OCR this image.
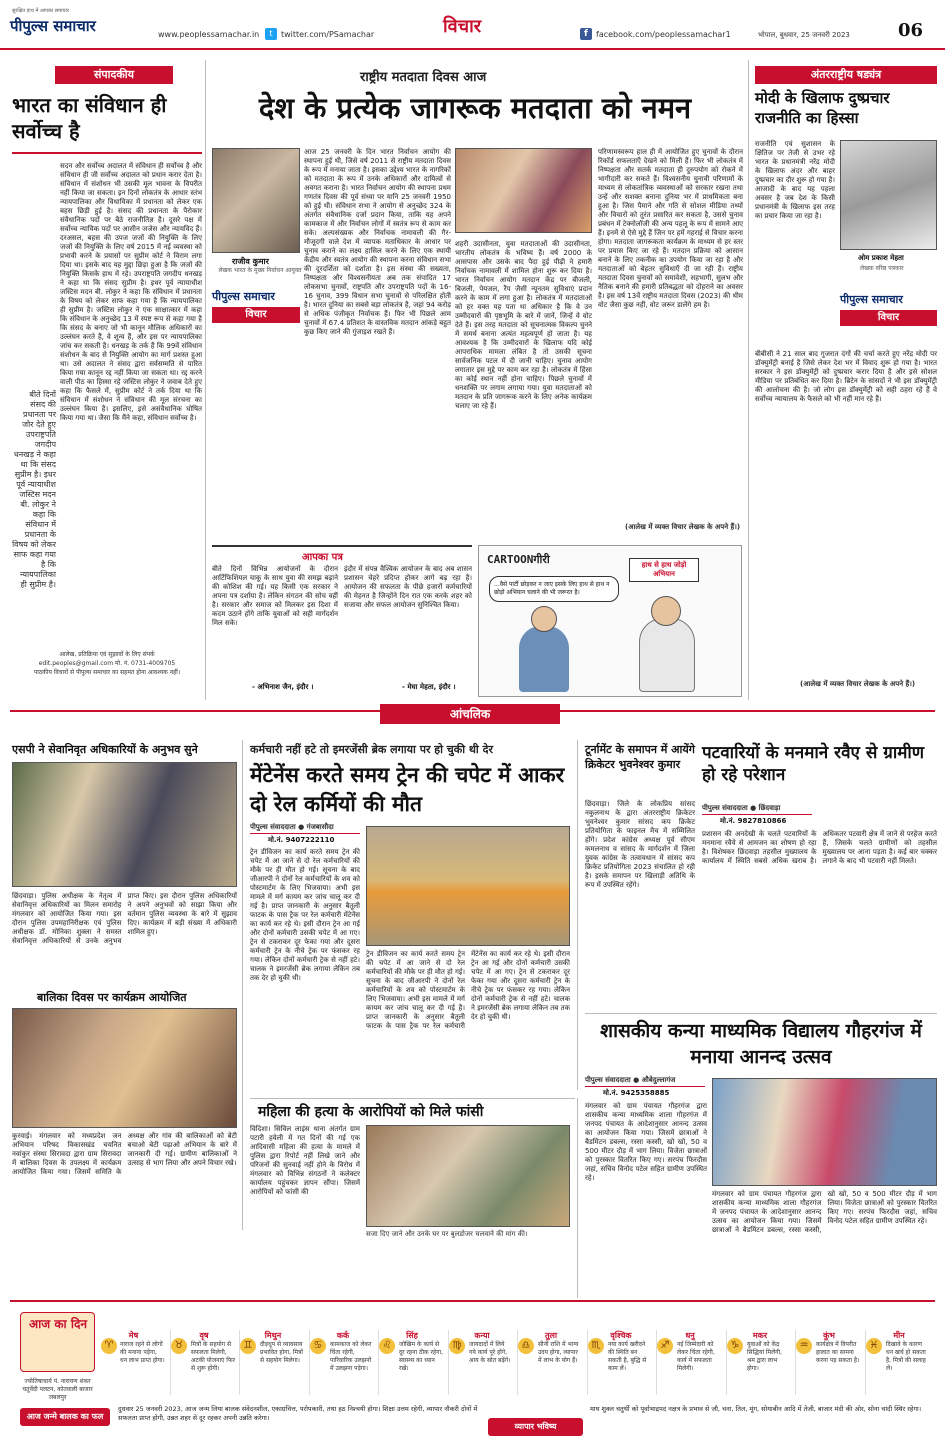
पीपुल्स समाचार
सुरक्षित हाथ में आपका समाचार
www.peoplessamachar.in	t	twitter.com/PSamachar	विचार	f	facebook.com/peoplessamachar1	भोपाल, बुधवार, 25 जनवरी 2023	06
संपादकीय
भारत का संविधान ही सर्वोच्च है
सदन और सर्वोच्च अदालत में संविधान ही सर्वोच्च है और संविधान ही जी सर्वोच्च अदालत को प्रधान करार देता है। संविधान में संशोधन भी उसकी मूल भावना के विपरीत नहीं किया जा सकता। इन दिनों लोकतंत्र के आधार स्तंभ न्यायपालिका और विधायिका में प्रधानता को लेकर एक बहस छिड़ी हुई है। संसद की प्रधानता के पैरोकार संवैधानिक पदों पर बैठे राजनीतिज्ञ है। दूसरे पक्ष में सर्वोच्च न्यायिक पदों पर आसीन जजेस और न्यायविद हैं। दरअसल, बहस की उपज जजों की नियुक्ति के लिए जजों की नियुक्ति के लिए वर्ष 2015 में नई व्यवस्था को प्रभावी करने के प्रयासों पर सुप्रीम कोर्ट ने विराम लगा दिया था। इसके बाद यह मुद्दा छिड़ा हुआ है कि जजों की नियुक्ति किसके हाथ में रहे। उपराष्ट्रपति जगदीप धनखड़ ने कहा था कि संसद सुप्रीम है। इधर पूर्व न्यायाधीश जस्टिस मदन बी. लोकुर ने कहा कि संविधान में प्रधानता के विषय को लेकर साफ कहा गया है कि न्यायपालिका ही सुप्रीम है। जस्टिस लोकुर ने एक साक्षात्कार में कहा कि संविधान के अनुच्छेद 13 में स्पष्ट रूप से कहा गया है कि संसद के बनाए जो भी कानून मौलिक अधिकारों का उल्लंघन करते हैं, वे शून्य हैं, और इस पर न्यायपालिका जांच कर सकती है। धनखड़ के तर्क हैं कि 99वें संविधान संशोधन के बाद से नियुक्ति आयोग का मार्ग प्रशस्त हुआ था। उसे अदालत ने संसद द्वारा सर्वसम्मति से पारित किया गया कानून रद्द नहीं किया जा सकता था। रद्द करने वाली पीठ का हिस्सा रहे जस्टिस लोकुर ने जवाब देते हुए कहा कि फैसले में, सुप्रीम कोर्ट ने तर्क दिया था कि संविधान में संशोधन ने संविधान की मूल संरचना का उल्लंघन किया है। इसलिए, इसे असंवैधानिक घोषित किया गया था। जैसा कि मैंने कहा, संविधान सर्वोच्च है।
बीते दिनों संसद की प्रधानता पर जोर देते हुए उपराष्ट्रपति जगदीप धनखड़ ने कहा था कि संसद सुप्रीम है। इधर पूर्व न्यायाधीश जस्टिस मदन बी. लोकुर ने कहा कि संविधान में प्रधानता के विषय को लेकर साफ कहा गया है कि न्यायपालिका ही सुप्रीम है।
आलेख, प्रतिक्रिया एवं सुझावों के लिए संपर्क
edit.peoples@gmail.com मो. नं. 0731-4009705
पाठकीय विचारों से पीपुल्स समाचार का सहमत होना आवश्यक नहीं।
राष्ट्रीय मतदाता दिवस आज
देश के प्रत्येक जागरूक मतदाता को नमन
राजीव कुमार
लेखक भारत के मुख्य निर्वाचन आयुक्त
पीपुल्स समाचार
विचार
आज 25 जनवरी के दिन भारत निर्वाचन आयोग की स्थापना हुई थी, जिसे वर्ष 2011 से राष्ट्रीय मतदाता दिवस के रूप में मनाया जाता है। इसका उद्देश्य भारत के नागरिकों को मतदाता के रूप में उनके अधिकारों और दायित्वों से अवगत कराना है। भारत निर्वाचन आयोग की स्थापना प्रथम गणतंत्र दिवस की पूर्व संध्या पर यानि 25 जनवरी 1950 को हुई थी। संविधान सभा ने आयोग से अनुच्छेद 324 के अंतर्गत संवैधानिक दर्जा प्रदान किया, ताकि यह अपने कामकाज में और निर्वाचन लोगों में स्वतंत्र रूप से काम कर सके। अल्पसंख्यक और निर्वाचक नामावली की गैर-मौजूदगी वाले देश में व्यापक मताधिकार के आधार पर चुनाव कराने का लक्ष्य हासिल करने के लिए एक स्थायी केंद्रीय और स्वतंत्र आयोग की स्थापना करना संविधान सभा की दूरदर्शिता को दर्शाता है। इस संस्था की सख्यता, निष्पक्षता और विश्वसनीयता अब तक संपादित 17 लोकसभा चुनावों, राष्ट्रपति और उपराष्ट्रपति पदों के 16-16 चुनाव, 399 विधान सभा चुनावों से परिलक्षित होती है। भारत दुनिया का सबसे बड़ा लोकतंत्र है, जहां 94 करोड़ से अधिक पंजीकृत निर्वाचक हैं। फिर भी पिछले आम चुनावों में 67.4 प्रतिशत के वास्तविक मतदान आंकड़े बहुत कुछ किए जाने की गुंजाइश रखते हैं।
शहरी उदासीनता, युवा मतदाताओं की उदासीनता, भारतीय लोकतंत्र के भविष्य हैं। वर्ष 2000 के आसपास और उसके बाद पैदा हुई पीढ़ी ने हमारी निर्वाचक नामावली में शामिल होना शुरू कर दिया है। भारत निर्वाचन आयोग मतदान केंद्र पर बीजली, बिजली, पेयजल, रैंप जैसी न्यूनतम सुविधाएं प्रदान करने के काम में लगा हुआ है। लोकतंत्र में मतदाताओं को हर वक्त यह पता था अधिकार है कि वे उन उम्मीदवारों की पृष्ठभूमि के बारे में जानें, जिन्हें वे वोट देते हैं। इस तरह मतदाता को सूचनात्मक विकल्प चुनने में समर्थ बनाना अत्यंत महत्वपूर्ण हो जाता है। यह आवश्यक है कि उम्मीदवारों के खिलाफ यदि कोई आपराधिक मामला लंबित है तो उसकी सूचना सार्वजनिक पटल में दी जानी चाहिए। चुनाव आयोग लगातार इस मुद्दे पर काम कर रहा है। लोकतंत्र में हिंसा का कोई स्थान नहीं होना चाहिए। पिछले चुनावों में धनशक्ति पर लगाम लगाया गया। युवा मतदाताओं को मतदान के प्रति जागरूक करने के लिए अनेक कार्यक्रम चलाए जा रहे हैं।
परिणामस्वरूप हाल ही में आयोजित हुए चुनावों के दौरान रिकॉर्ड सफलताएँ देखने को मिली हैं। फिर भी लोकतंत्र में निष्पक्षता और सतर्क मतदाता ही दुरुपयोग को रोकने में भागीदारी कर सकते हैं। विश्वसनीय चुनावी परिणामों के माध्यम से लोकतांत्रिक व्यवस्थाओं को सरकार रखना तथा उन्हें और सशक्त बनाना दुनिया भर में प्राथमिकता बना हुआ है। जिस पैमाने और गति से सोशल मीडिया तथ्यों और विचारों को तुरंत प्रसारित कर सकता है, उससे चुनाव प्रबंधन में टेक्नोलॉजी की अन्य पहलू के रूप में सामने आए हैं। इनमें से ऐसे मुद्दे हैं जिन पर हमें गहराई से विचार करना होगा। मतदाता जागरूकता कार्यक्रम के माध्यम से हर स्तर पर प्रयास किए जा रहे हैं। मतदान प्रक्रिया को आसान बनाने के लिए तकनीक का उपयोग किया जा रहा है और मतदाताओं को बेहतर सुविधाएँ दी जा रही हैं। राष्ट्रीय मतदाता दिवस चुनावों को समावेशी, सहभागी, सुलभ और नैतिक बनाने की हमारी प्रतिबद्धता को दोहराने का अवसर है। इस वर्ष 13वें राष्ट्रीय मतदाता दिवस (2023) की थीम वोट जैसा कुछ नहीं, वोट जरूर डालेंगे हम है।
(आलेख में व्यक्त विचार लेखक के अपने हैं।)
आपका पत्र
बीते दिनों विभिन्न आयोजनों के दौरान आर्टिफिशियल चाकू के साथ युवा की समझ बढ़ाने की कोशिश की गई। यह किसी एक सरकार ने अपना पत्र दर्शाया है। लेकिन संगठन की सोच वहीं है। सरकार और समाज को मिलकर इस दिशा में कदम उठाने होंगे ताकि युवाओं को सही मार्गदर्शन मिल सके।
- अभिनाश जैन, इंदौर ।
इंदौर में संपन्न वैश्विक आयोजन के बाद अब शासन प्रशासन चेहरे प्रदिप्त होकर आगे बढ़ रहा है। आयोजन की सफलता के पीछे हजारों कर्मचारियों की मेहनत है जिन्होंने दिन रात एक करके शहर को सजाया और सफल आयोजन सुनिश्चित किया।
- मेघा मेहता, इंदौर ।
CARTOONगीरी	हाथ से हाथ जोड़ो अभियान
...वैसे पार्टी छोड़कर न जाए इसके लिए हाथ से हाथ न छोड़ो अभियान चलाने की भी जरूरत है।
अंतरराष्ट्रीय षड्यंत्र
मोदी के खिलाफ दुष्प्रचार राजनीति का हिस्सा
राजनीति एवं सुशासन के क्षितिज पर तेजी से उभर रहे भारत के प्रधानमंत्री नरेंद्र मोदी के खिलाफ अंदर और बाहर दुष्प्रचार का दौर शुरू हो गया है। आजादी के बाद यह पहला अवसर है जब देश के किसी प्रधानमंत्री के खिलाफ इस तरह का प्रचार किया जा रहा है।
ओम प्रकाश मेहता
लेखक वरिष्ठ पत्रकार
पीपुल्स समाचार
विचार
बीबीसी ने 21 साल बाद गुजरात दंगों की चर्चा करते हुए नरेंद्र मोदी पर डॉक्युमेंट्री बनाई है जिसे लेकर देश भर में विवाद शुरू हो गया है। भारत सरकार ने इस डॉक्युमेंट्री को दुष्प्रचार करार दिया है और इसे सोशल मीडिया पर प्रतिबंधित कर दिया है। ब्रिटेन के सांसदों ने भी इस डॉक्युमेंट्री की आलोचना की है। जो लोग इस डॉक्युमेंट्री को सही ठहरा रहे हैं वे सर्वोच्च न्यायालय के फैसले को भी नहीं मान रहे हैं।
(आलेख में व्यक्त विचार लेखक के अपने हैं।)
आंचलिक
एसपी ने सेवानिवृत अधिकारियों के अनुभव सुने
छिंदवाड़ा। पुलिस अधीक्षक के नेतृत्व में सेवानिवृत्त अधिकारियों का मिलन समारोह मंगलवार को आयोजित किया गया। इस दौरान पुलिस उपमहानिरीक्षक एवं पुलिस अधीक्षक डॉ. मोनिका शुक्ला ने समस्त सेवानिवृत्त अधिकारियों से उनके अनुभव प्राप्त किए। इस दौरान पुलिस अधिकारियों ने अपने अनुभवों को साझा किया और वर्तमान पुलिस व्यवस्था के बारे में सुझाव दिए। कार्यक्रम में बड़ी संख्या में अधिकारी शामिल हुए।
बालिका दिवस पर कार्यक्रम आयोजित
कुरवाई। मंगलवार को मध्यप्रदेश जन अभियान परिषद विकासखंड चयनित नवांकुर संस्था सिरावदा द्वारा ग्राम सिरावदा में बालिका दिवस के उपलक्ष्य में कार्यक्रम आयोजित किया गया। जिसमें समिति के अध्यक्ष और गांव की बालिकाओं को बेटी बचाओ बेटी पढ़ाओ अभियान के बारे में जानकारी दी गई। ग्रामीण बालिकाओं ने उत्साह से भाग लिया और अपने विचार रखे।
कर्मचारी नहीं हटे तो इमरजेंसी ब्रेक लगाया पर हो चुकी थी देर
मेंटेनेंस करते समय ट्रेन की चपेट में आकर दो रेल कर्मियों की मौत
पीपुल्स संवाददाता ● गंजबासौदा
मो.नं. 9407222110
ट्रेन डीविजन का कार्य करते समय ट्रेन की चपेट में आ जाने से दो रेल कर्मचारियों की मौके पर ही मौत हो गई। सूचना के बाद जीआरपी ने दोनों रेल कर्मचारियों के शव को पोस्टमार्टम के लिए भिजवाया। अभी इस मामले में मर्ग कायम कर जांच चालू कर दी गई है। प्राप्त जानकारी के अनुसार बैतूली फाटक के पास ट्रैक पर रेल कर्मचारी मेंटेनेंस का कार्य कर रहे थे। इसी दौरान ट्रेन आ गई और दोनों कर्मचारी उसकी चपेट में आ गए। ट्रेन से टकराकर दूर फेका गया और दूसरा कर्मचारी ट्रेन के नीचे ट्रेक पर फंसकर रह गया। लेकिन दोनों कर्मचारी ट्रेक से नहीं हटे। चालक ने इमरजेंसी ब्रेक लगाया लेकिन तब तक देर हो चुकी थी।
ट्रेन डीविजन का कार्य करते समय ट्रेन की चपेट में आ जाने से दो रेल कर्मचारियों की मौके पर ही मौत हो गई। सूचना के बाद जीआरपी ने दोनों रेल कर्मचारियों के शव को पोस्टमार्टम के लिए भिजवाया। अभी इस मामले में मर्ग कायम कर जांच चालू कर दी गई है। प्राप्त जानकारी के अनुसार बैतूली फाटक के पास ट्रैक पर रेल कर्मचारी मेंटेनेंस का कार्य कर रहे थे। इसी दौरान ट्रेन आ गई और दोनों कर्मचारी उसकी चपेट में आ गए। ट्रेन से टकराकर दूर फेका गया और दूसरा कर्मचारी ट्रेन के नीचे ट्रेक पर फंसकर रह गया। लेकिन दोनों कर्मचारी ट्रेक से नहीं हटे। चालक ने इमरजेंसी ब्रेक लगाया लेकिन तब तक देर हो चुकी थी।
टूर्नामेंट के समापन में आयेंगे क्रिकेटर भुवनेश्वर कुमार
छिंदवाड़ा। जिले के लोकप्रिय सांसद नकुलनाथ के द्वारा अंतरराष्ट्रीय क्रिकेटर भुवनेश्वर कुमार सांसद कप क्रिकेट प्रतियोगिता के फाइनल मैच में सम्मिलित होंगे। प्रदेश कांग्रेस अध्यक्ष पूर्व सीएम कमलनाथ व सांसद के मार्गदर्शन में जिला युवक कांग्रेस के तत्वावधान में सांसद कप क्रिकेट प्रतियोगिता 2023 संचालित हो रही है। इसके समापन पर खिलाड़ी अतिथि के रूप में उपस्थित रहेंगे।
पटवारियों के मनमाने रवैए से ग्रामीण हो रहे परेशान
पीपुल्स संवाददाता ● छिंदवाड़ा
मो.नं. 9827810866
प्रशासन की अनदेखी के चलते पटवारियों के मनमाना रवैये से आमजन का शोषण हो रहा है। विशेषकर छिंदवाड़ा तहसील मुख्यालय के कार्यालय में स्थिति सबसे अधिक खराब है। अधिकतर पटवारी क्षेत्र में जाने से परहेज करते हैं, जिसके चलते ग्रामीणों को तहसील मुख्यालय पर आना पड़ता है। कई बार चक्कर लगाने के बाद भी पटवारी नहीं मिलते।
महिला की हत्या के आरोपियों को मिले फांसी
विदिशा। सिविल लाइंस थाना अंतर्गत ग्राम पटारी हवेली में गत दिनों की गई एक आदिवासी महिला की हत्या के मामले में पुलिस द्वारा रिपोर्ट नहीं लिखे जाने और परिजनों की सुनवाई नहीं होने के विरोध में मंगलवार को विभिन्न संगठनों ने कलेक्टर कार्यालय पहुंचकर ज्ञापन सौंपा। जिसमें आरोपियों को फांसी की
सजा दिए जाने और उनके घर पर बुलडोजर चलवाने की मांग की।
शासकीय कन्या माध्यमिक विद्यालय गौहरगंज में मनाया आनन्द उत्सव
पीपुल्स संवाददाता ● औबेदुल्लागंज
मो.नं. 9425358885
मंगलवार को ग्राम पंचायत गौहरगंज द्वारा शासकीय कन्या माध्यमिक शाला गौहरगंज में जनपद पंचायत के आदेशानुसार आनन्द उत्सव का आयोजन किया गया। जिसमें छात्राओं ने बैडमिंटन डबल्स, रस्सा कस्सी, खो खो, 50 व 500 मीटर दौड़ में भाग लिया। विजेता छात्राओं को पुरस्कार वितरित किए गए। सरपंच फिरदौस जहां, सचिव विनोद पटेल सहित ग्रामीण उपस्थित रहे।
मंगलवार को ग्राम पंचायत गौहरगंज द्वारा शासकीय कन्या माध्यमिक शाला गौहरगंज में जनपद पंचायत के आदेशानुसार आनन्द उत्सव का आयोजन किया गया। जिसमें छात्राओं ने बैडमिंटन डबल्स, रस्सा कस्सी, खो खो, 50 व 500 मीटर दौड़ में भाग लिया। विजेता छात्राओं को पुरस्कार वितरित किए गए। सरपंच फिरदौस जहां, सचिव विनोद पटेल सहित ग्रामीण उपस्थित रहे।
आज का दिन
ज्योतिषाचार्य पं. नारायण शंकर चतुर्वेदी पलटन, कोतवाली बाजार जबलपुर
मेष
नाराज रहने से लोगों की मनाना पड़ेगा, धन लाभ प्राप्त होगा।
♈
वृष
मित्रों के सहयोग से सफलता मिलेगी, अटकी योजनाएं फिर से शुरू होंगी।
♉
मिथुन
दौड़धूप से व्यावसाय प्रभावित होगा, मित्रों से सहयोग मिलेगा।
♊
कर्क
कामकाज को लेकर चिंता रहेगी, पारिवारिक उलझनों में उलझना पड़ेगा।
♋
सिंह
जोखिम के कार्य से दूर रहना ठीक रहेगा, स्वास्थ्य का ध्यान रखें।
♌
कन्या
जायदादों में लिये गये कार्य पूरे होंगे, आय के स्रोत बढ़ेंगे।
♍
तुला
सीनी राशि में भाग्य उदय होगा, व्यापार में लाभ के योग हैं।
♎
वृश्चिक
नया कार्य खरीदने की स्थिति बन सकती है, बुद्धि से काम लें।
♏
धनु
नई जिम्मेदारी को लेकर चिंता रहेगी, कार्य में सफलता मिलेगी।
♐
मकर
युवाओं को केंद्र सिद्धियां मिलेंगी, श्रम द्वारा लाभ होगा।
♑
कुंभ
कार्यक्षेत्र में विपरीत हालात का सामना करना पड़ सकता है।
♒
मीन
दिखावे के कारण धन खर्च हो सकता है, मित्रों की सलाह लें।
♓
आज जन्मे बालक का फल
दुधवार 25 जनवरी 2023, आज जन्म लिया बालक संवेदनशील, एकाग्रचित्त, परोपकारी, तथा हठ निश्चयी होगा। शिक्षा उत्तम रहेगी, व्यापार नौकरी दोनों में सफलता प्राप्त होगी, उन्नत शहर से दूर रहकर अपनी उन्नति करेगा।
व्यापार भविष्य
माघ शुक्ल चतुर्थी को पूर्वाभाद्रपद नक्षत्र के प्रभाव से जौ, चना, तिल, मूंग, सोयाबीन आदि में तेजी, बाजार मंदी की ओर, सोना चांदी स्थिर रहेगा।
